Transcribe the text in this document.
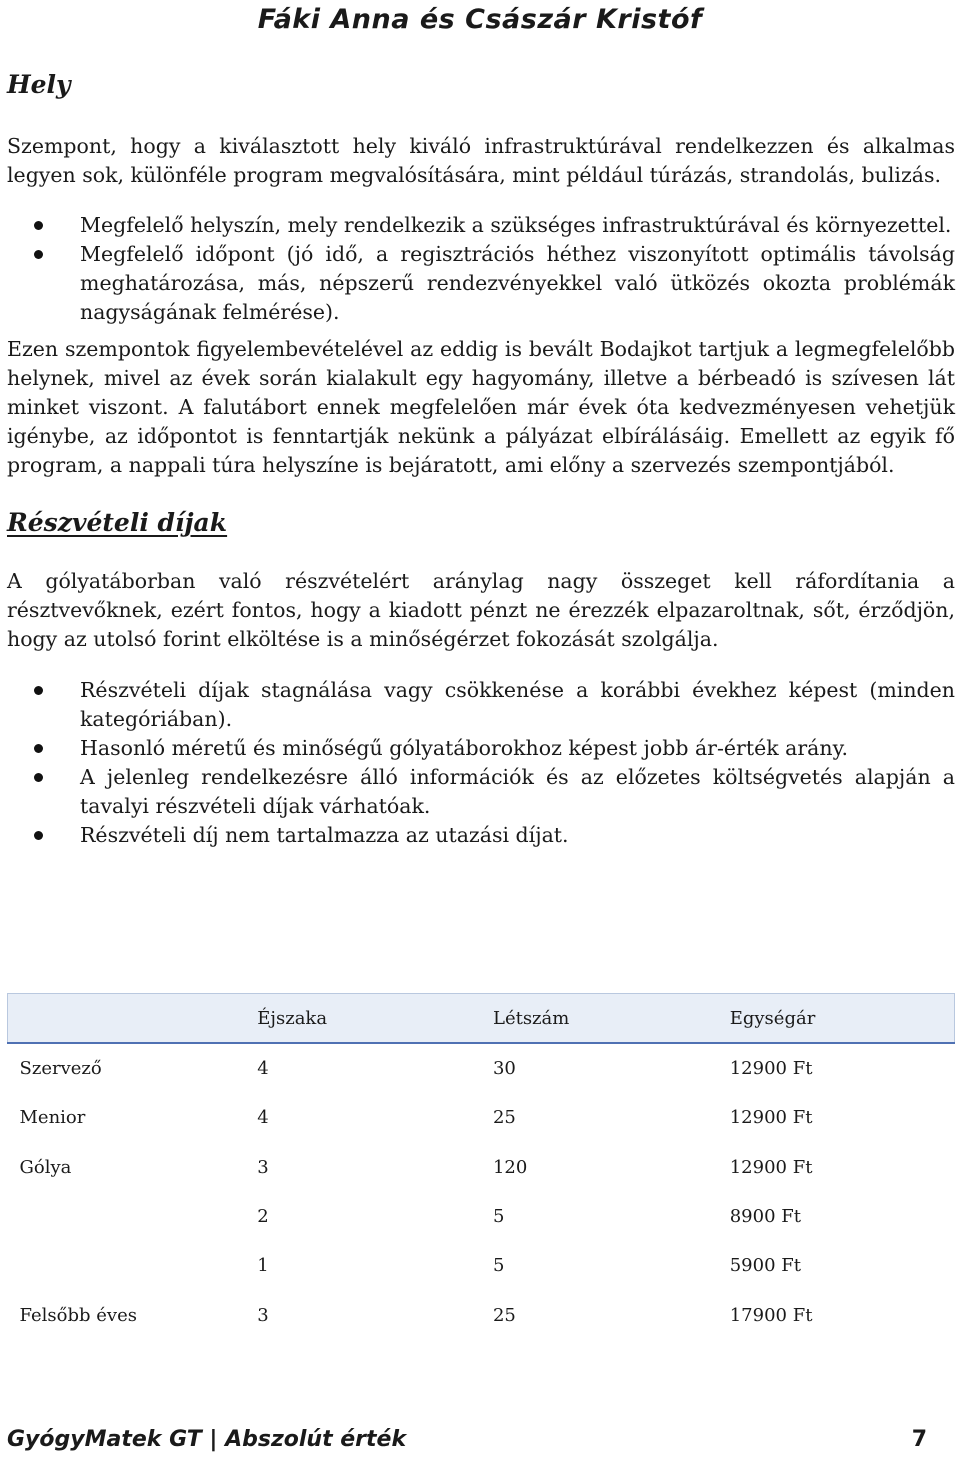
Fáki Anna és Császár Kristóf
Hely

Szempont, hogy a kiválasztott hely kiváló infrastruktúrával rendelkezzen és alkalmas legyen sok, különféle program megvalósítására, mint például túrázás, strandolás, bulizás.

Megfelelő helyszín, mely rendelkezik a szükséges infrastruktúrával és környezettel.
Megfelelő időpont (jó idő, a regisztrációs héthez viszonyított optimális távolság meghatározása, más, népszerű rendezvényekkel való ütközés okozta problémák nagyságának felmérése).

Ezen szempontok figyelembevételével az eddig is bevált Bodajkot tartjuk a legmegfelelőbb helynek, mivel az évek során kialakult egy hagyomány, illetve a bérbeadó is szívesen lát minket viszont. A falutábort ennek megfelelően már évek óta kedvezményesen vehetjük igénybe, az időpontot is fenntartják nekünk a pályázat elbírálásáig. Emellett az egyik fő program, a nappali túra helyszíne is bejáratott, ami előny a szervezés szempontjából.

Részvételi díjak

A gólyatáborban való részvételért aránylag nagy összeget kell ráfordítania a résztvevőknek, ezért fontos, hogy a kiadott pénzt ne érezzék elpazaroltnak, sőt, érződjön, hogy az utolsó forint elköltése is a minőségérzet fokozását szolgálja.

Részvételi díjak stagnálása vagy csökkenése a korábbi évekhez képest (minden kategóriában).
Hasonló méretű és minőségű gólyatáborokhoz képest jobb ár-érték arány.
A jelenleg rendelkezésre álló információk és az előzetes költségvetés alapján a tavalyi részvételi díjak várhatóak.
Részvételi díj nem tartalmazza az utazási díjat.
	Éjszaka	Létszám	Egységár
Szervező	4	30	12900 Ft
Menior	4	25	12900 Ft
Gólya	3	120	12900 Ft
	2	5	8900 Ft
	1	5	5900 Ft
Felsőbb éves	3	25	17900 Ft
GyógyMatek GT | Abszolút érték	7
